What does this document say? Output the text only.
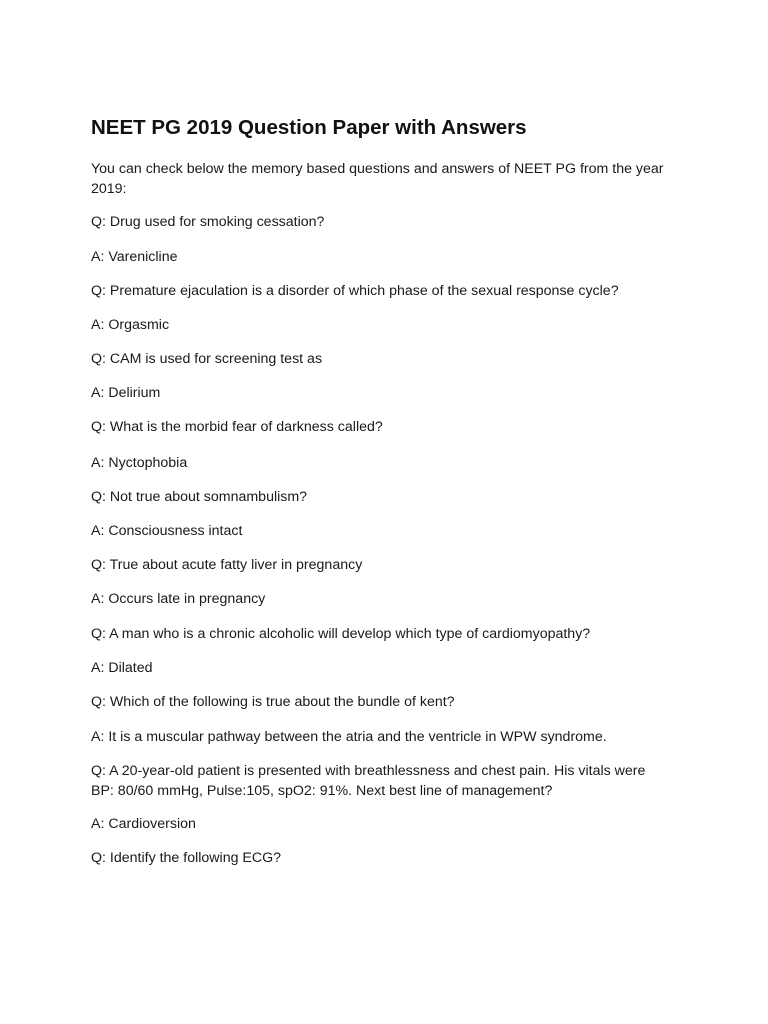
NEET PG 2019 Question Paper with Answers

You can check below the memory based questions and answers of NEET PG from the year 2019:

Q: Drug used for smoking cessation?

A: Varenicline

Q: Premature ejaculation is a disorder of which phase of the sexual response cycle?

A: Orgasmic

Q: CAM is used for screening test as

A: Delirium

Q: What is the morbid fear of darkness called?

A: Nyctophobia

Q: Not true about somnambulism?

A: Consciousness intact

Q: True about acute fatty liver in pregnancy

A: Occurs late in pregnancy

Q: A man who is a chronic alcoholic will develop which type of cardiomyopathy?

A: Dilated

Q: Which of the following is true about the bundle of kent?

A: It is a muscular pathway between the atria and the ventricle in WPW syndrome.

Q: A 20-year-old patient is presented with breathlessness and chest pain. His vitals were BP: 80/60 mmHg, Pulse:105, spO2: 91%. Next best line of management?

A: Cardioversion

Q: Identify the following ECG?
